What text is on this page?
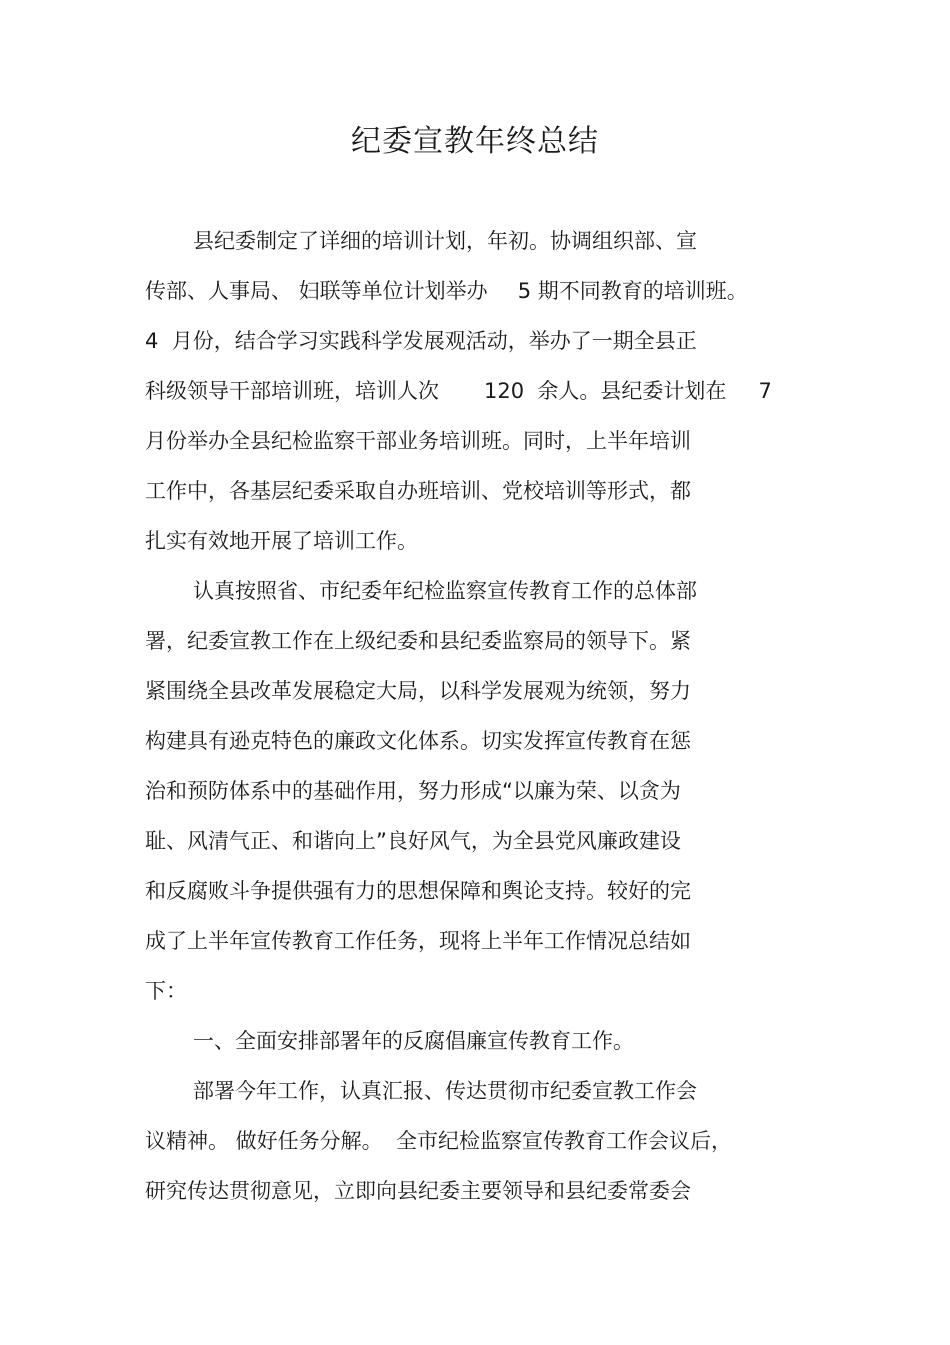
纪委宣教年终总结

县纪委制定了详细的培训计划，年初。协调组织部、宣

传部、人事局、 妇联等单位计划举办 5 期不同教育的培训班。

4  月份，结合学习实践科学发展观活动，举办了一期全县正

科级领导干部培训班，培训人次 120  余人。县纪委计划在 7

月份举办全县纪检监察干部业务培训班。同时，上半年培训

工作中，各基层纪委采取自办班培训、党校培训等形式，都

扎实有效地开展了培训工作。

认真按照省、市纪委年纪检监察宣传教育工作的总体部

署，纪委宣教工作在上级纪委和县纪委监察局的领导下。紧

紧围绕全县改革发展稳定大局，以科学发展观为统领，努力

构建具有逊克特色的廉政文化体系。切实发挥宣传教育在惩

治和预防体系中的基础作用，努力形成“以廉为荣、以贪为

耻、风清气正、和谐向上”良好风气，为全县党风廉政建设

和反腐败斗争提供强有力的思想保障和舆论支持。较好的完

成了上半年宣传教育工作任务，现将上半年工作情况总结如

下：

一、全面安排部署年的反腐倡廉宣传教育工作。

部署今年工作，认真汇报、传达贯彻市纪委宣教工作会

议精神。 做好任务分解。  全市纪检监察宣传教育工作会议后，

研究传达贯彻意见，立即向县纪委主要领导和县纪委常委会
